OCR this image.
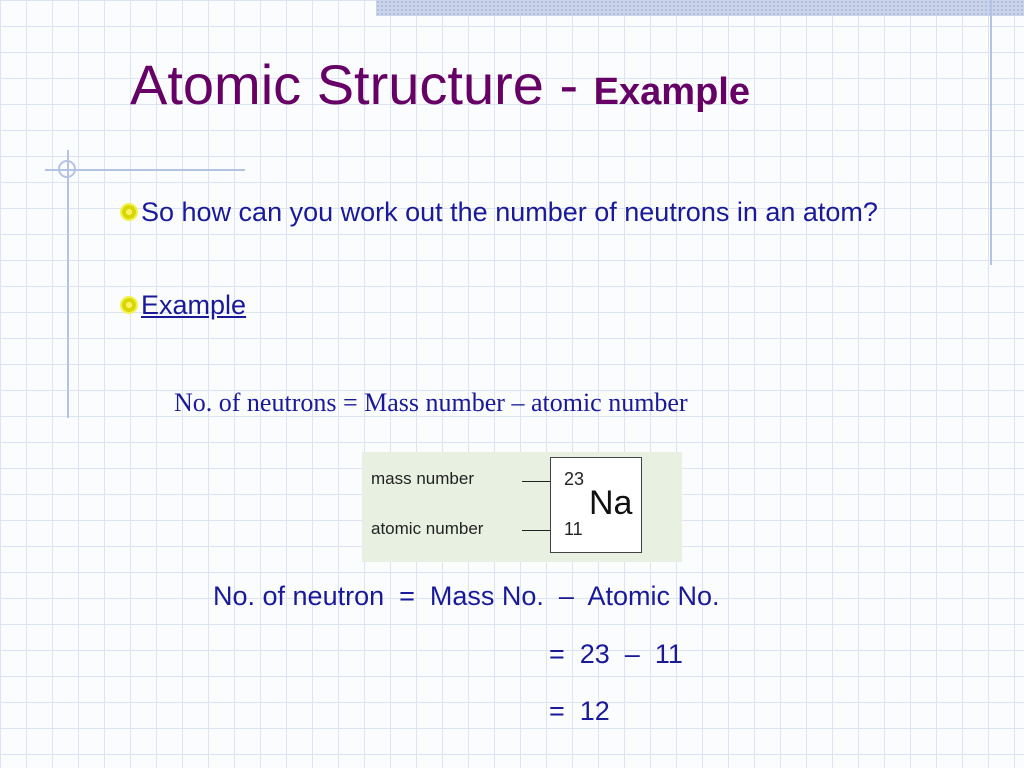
Atomic Structure - Example
So how can you work out the number of neutrons in an atom?
Example
No. of neutrons = Mass number – atomic number
mass number
atomic number
23
11
Na
No. of neutron  =  Mass No.  –  Atomic No.
=  23  –  11
=  12
